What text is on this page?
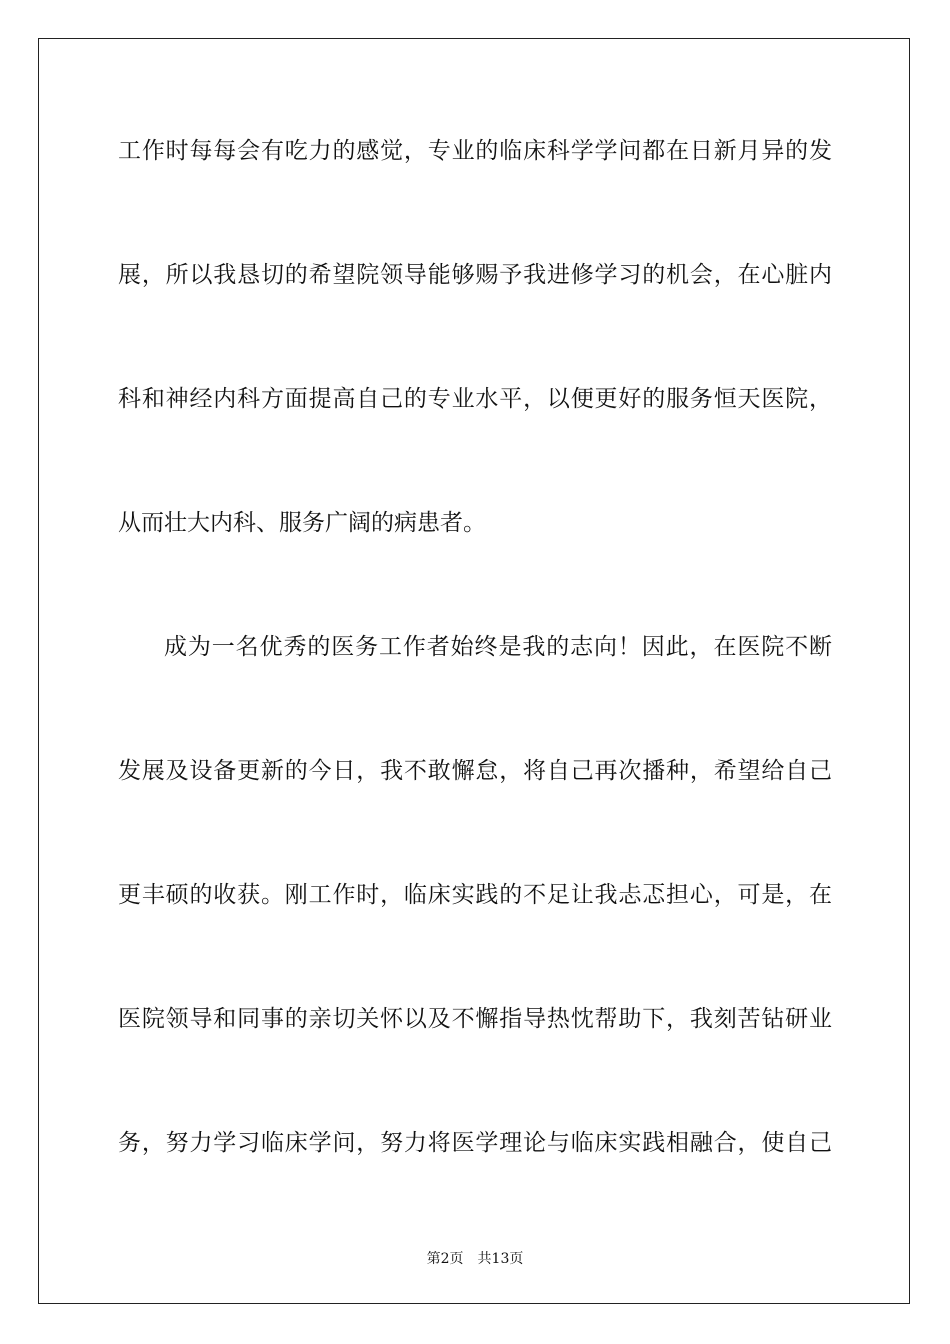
工作时每每会有吃力的感觉，专业的临床科学学问都在日新月异的发
展，所以我恳切的希望院领导能够赐予我进修学习的机会，在心脏内
科和神经内科方面提高自己的专业水平，以便更好的服务恒天医院，
从而壮大内科、服务广阔的病患者。
成为一名优秀的医务工作者始终是我的志向！因此，在医院不断
发展及设备更新的今日，我不敢懈怠，将自己再次播种，希望给自己
更丰硕的收获。刚工作时，临床实践的不足让我忐忑担心，可是，在
医院领导和同事的亲切关怀以及不懈指导热忱帮助下，我刻苦钻研业
务，努力学习临床学问，努力将医学理论与临床实践相融合，使自己
第2页 共13页
